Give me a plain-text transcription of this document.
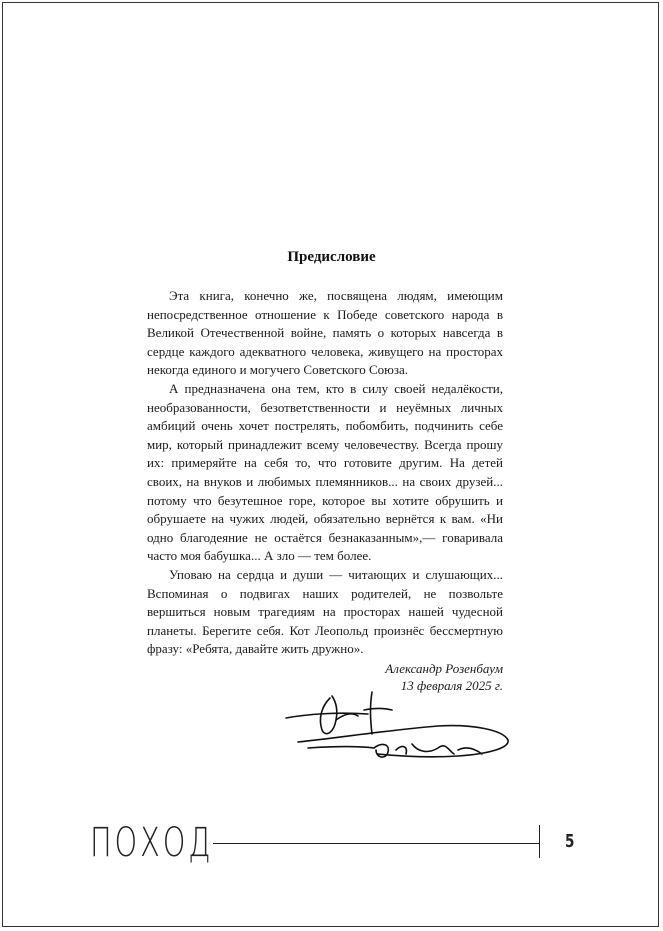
Предисловие

Эта книга, конечно же, посвящена людям, имеющим непосредственное отношение к Победе советского народа в Великой Отечественной войне, память о которых навсегда в сердце каждого адекватного человека, живущего на просторах некогда единого и могучего Советского Союза.

А предназначена она тем, кто в силу своей недалёкости, необразованности, безответственности и неуёмных личных амбиций очень хочет пострелять, побомбить, подчинить себе мир, который принадлежит всему человечеству. Всегда прошу их: примеряйте на себя то, что готовите другим. На детей своих, на внуков и любимых племянников... на своих друзей... потому что безутешное горе, которое вы хотите обрушить и обрушаете на чужих людей, обязательно вернётся к вам. «Ни одно благодеяние не остаётся безнаказанным»,— говаривала часто моя бабушка... А зло — тем более.

Уповаю на сердца и души — читающих и слушающих... Вспоминая о подвигах наших родителей, не позвольте вершиться новым трагедиям на просторах нашей чудесной планеты. Берегите себя. Кот Леопольд произнёс бессмертную фразу: «Ребята, давайте жить дружно».

Александр Розенбаум
13 февраля 2025 г.
ПОХОД	5
